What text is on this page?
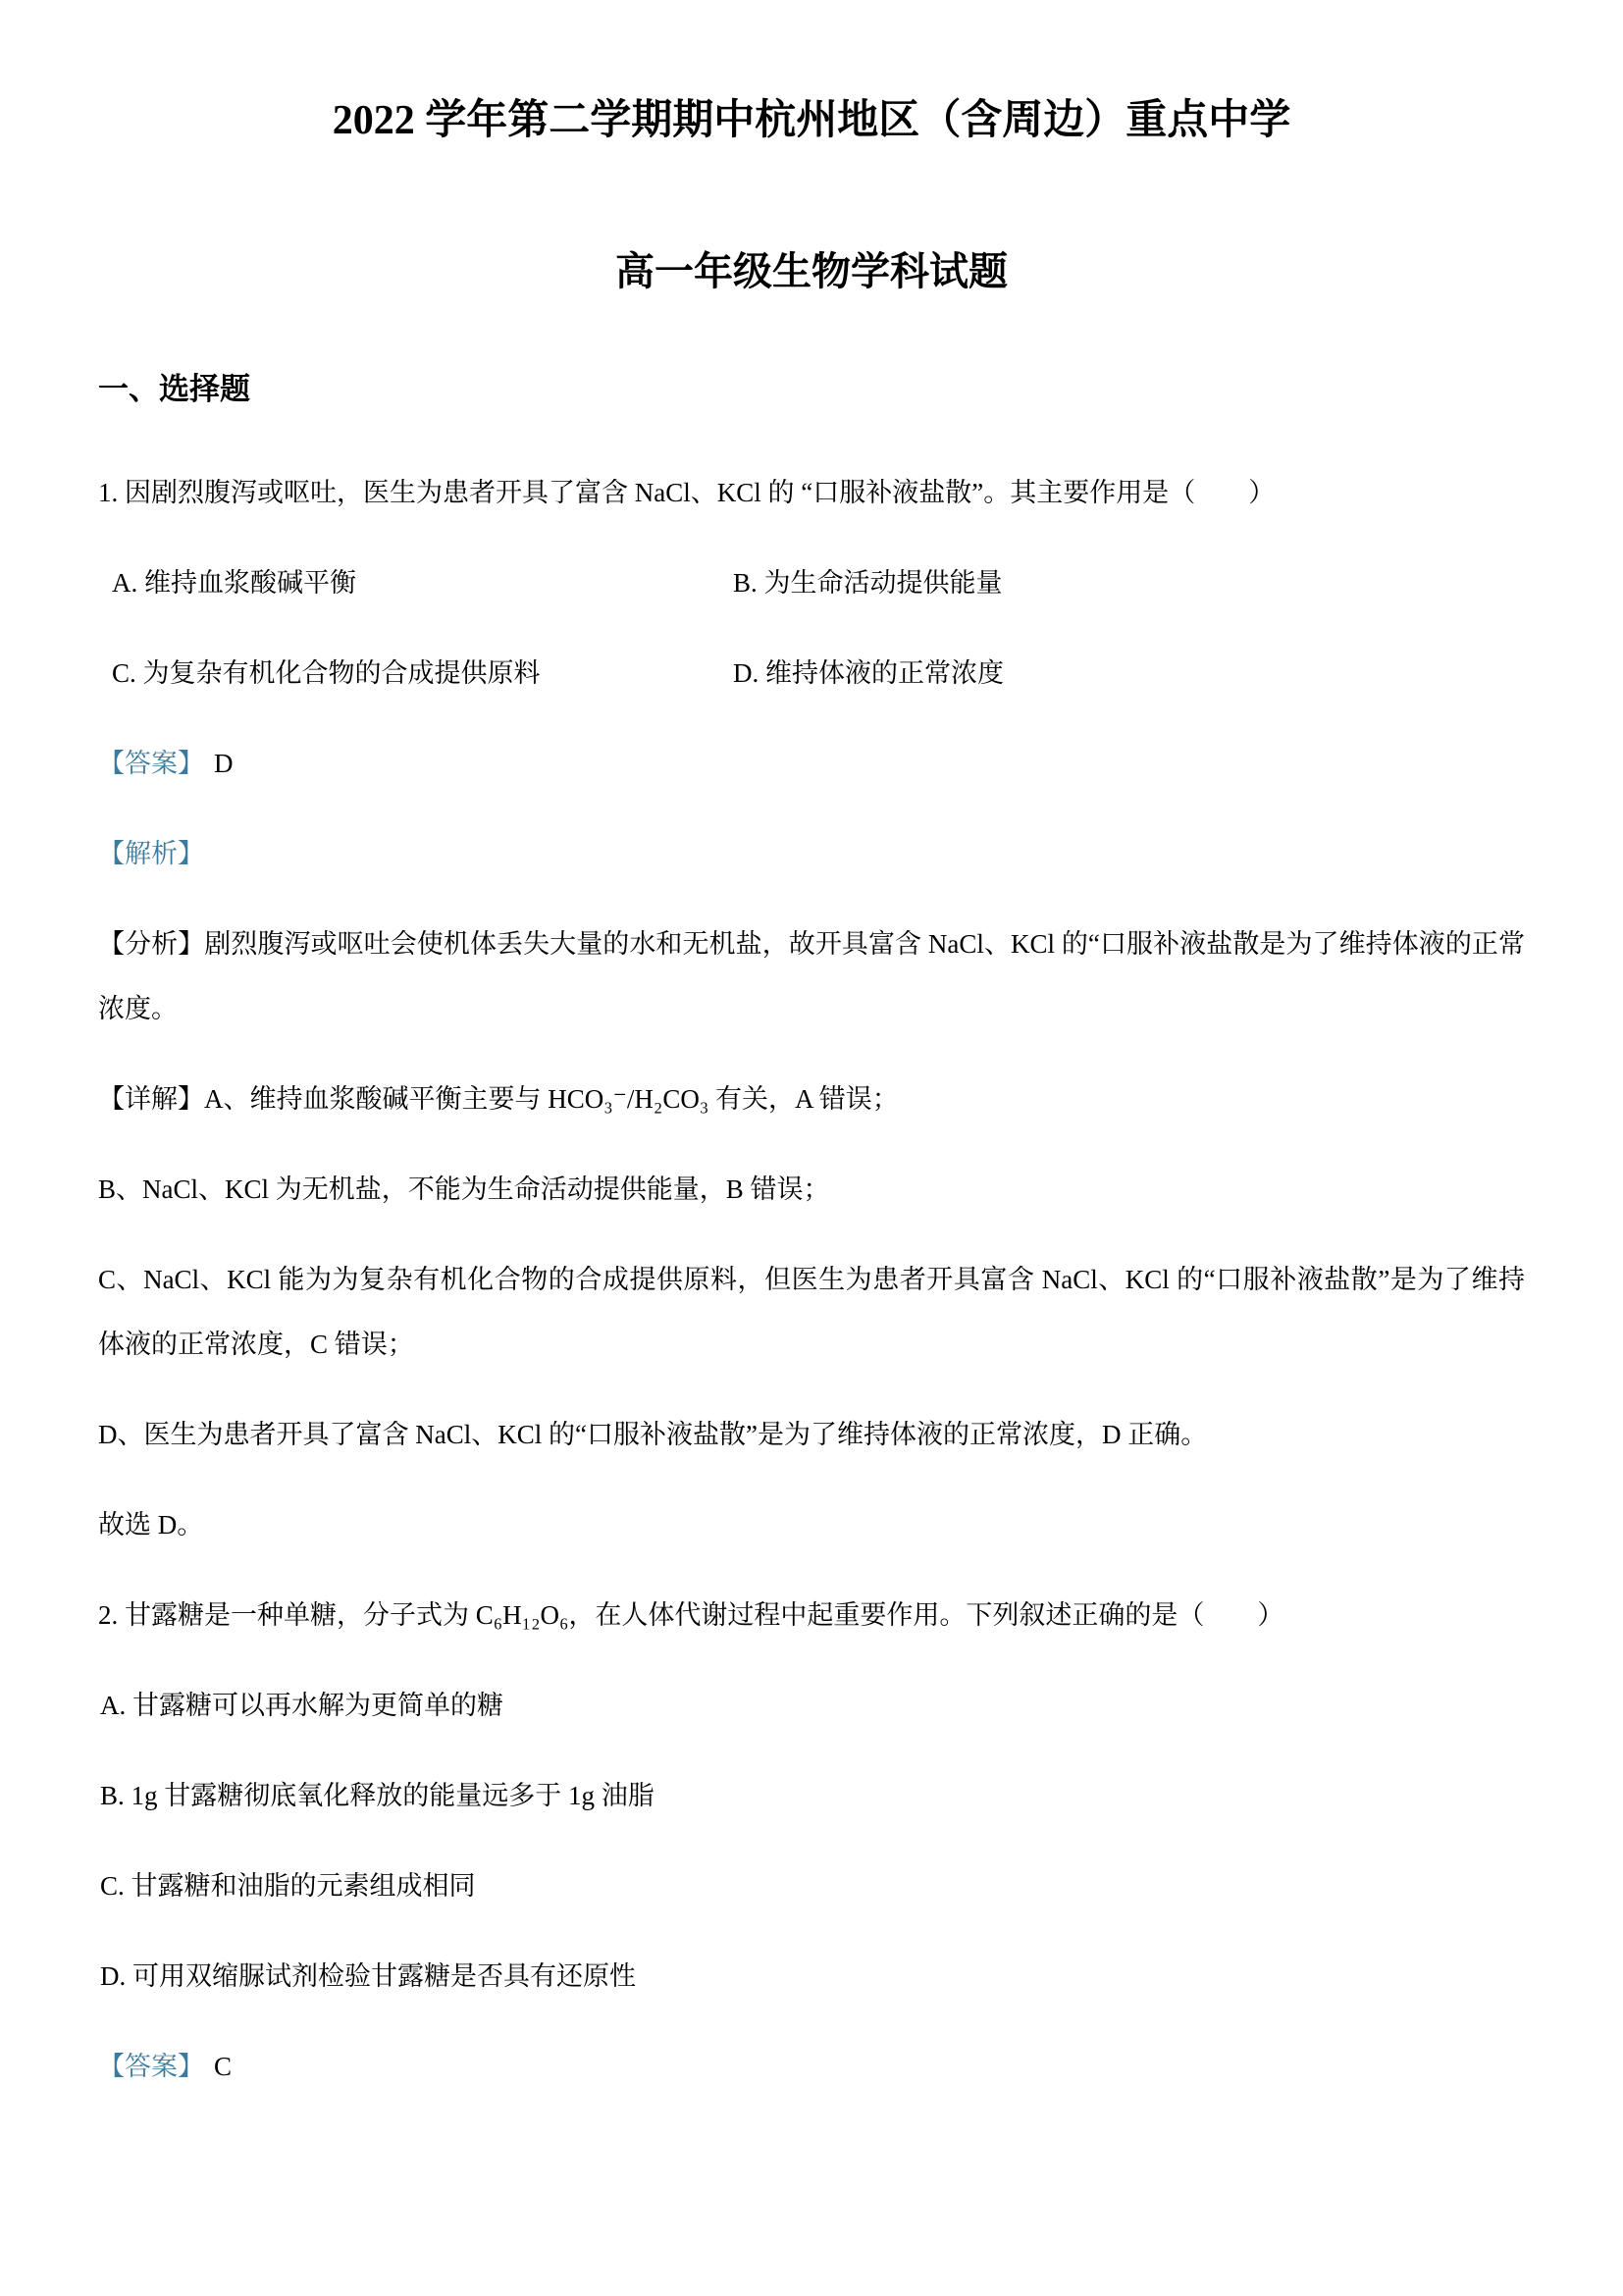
2022 学年第二学期期中杭州地区（含周边）重点中学
高一年级生物学科试题
一、选择题

1. 因剧烈腹泻或呕吐，医生为患者开具了富含 NaCl、KCl 的 “口服补液盐散”。其主要作用是（　　）

A. 维持血浆酸碱平衡	B. 为生命活动提供能量
C. 为复杂有机化合物的合成提供原料	D. 维持体液的正常浓度

【答案】 D

【解析】

【分析】剧烈腹泻或呕吐会使机体丢失大量的水和无机盐，故开具富含 NaCl、KCl 的“口服补液盐散是为了维持体液的正常浓度。

【详解】A、维持血浆酸碱平衡主要与 HCO₃⁻/H₂CO₃ 有关，A 错误；

B、NaCl、KCl 为无机盐，不能为生命活动提供能量，B 错误；

C、NaCl、KCl 能为为复杂有机化合物的合成提供原料，但医生为患者开具富含 NaCl、KCl 的“口服补液盐散”是为了维持体液的正常浓度，C 错误；

D、医生为患者开具了富含 NaCl、KCl 的“口服补液盐散”是为了维持体液的正常浓度，D 正确。

故选 D。

2. 甘露糖是一种单糖，分子式为 C₆H₁₂O₆，在人体代谢过程中起重要作用。下列叙述正确的是（　　）

A. 甘露糖可以再水解为更简单的糖

B. 1g 甘露糖彻底氧化释放的能量远多于 1g 油脂

C. 甘露糖和油脂的元素组成相同

D. 可用双缩脲试剂检验甘露糖是否具有还原性

【答案】 C
